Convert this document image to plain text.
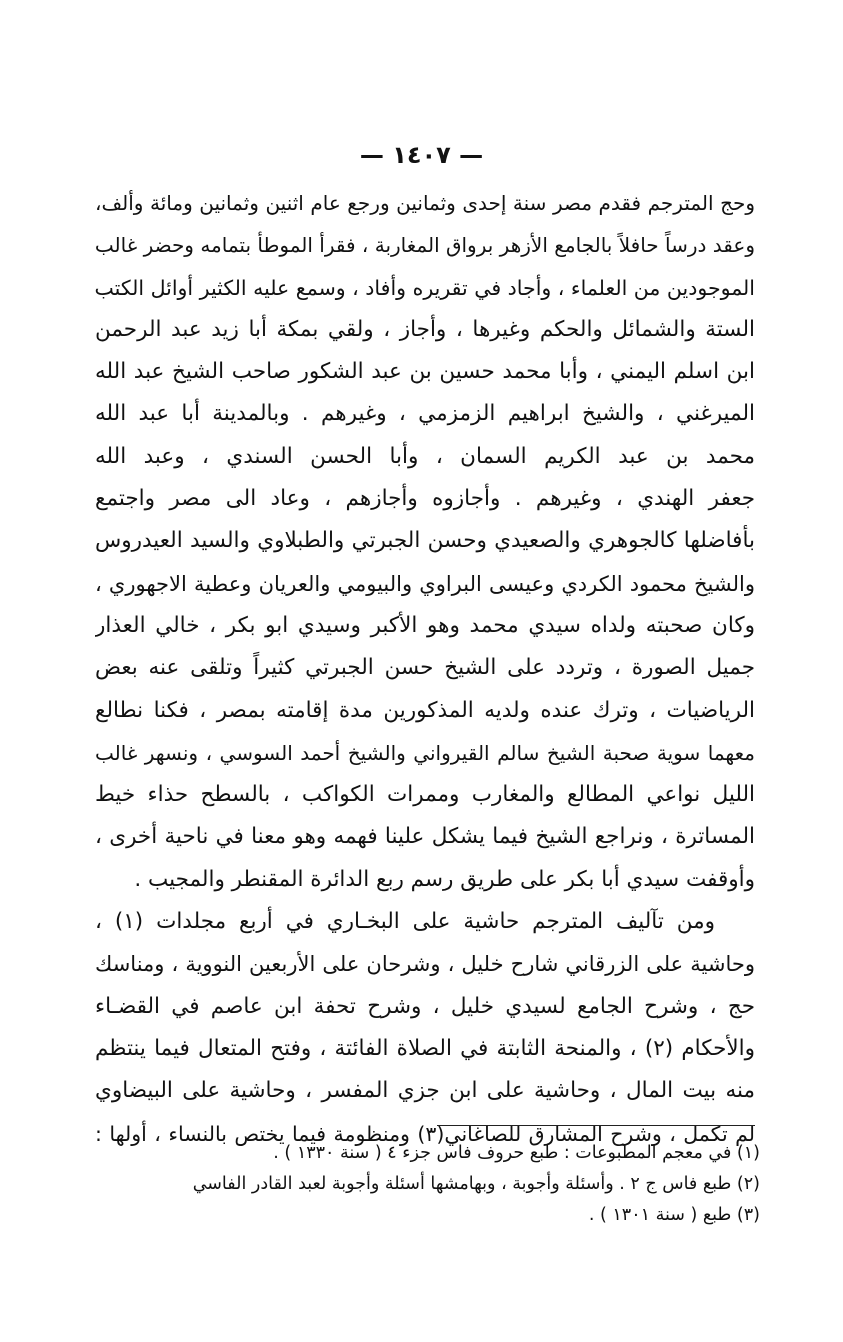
— ١٤٠٧ —
وحج المترجم فقدم مصر سنة إحدى وثمانين ورجع عام اثنين وثمانين ومائة وألف،
وعقد درساً حافلاً بالجامع الأزهر برواق المغاربة ، فقرأ الموطأ بتمامه وحضر غالب
الموجودين من العلماء ، وأجاد في تقريره وأفاد ، وسمع عليه الكثير أوائل الكتب
الستة والشمائل والحكم وغيرها ، وأجاز ، ولقي بمكة أبا زيد عبد الرحمن
ابن اسلم اليمني ، وأبا محمد حسين بن عبد الشكور صاحب الشيخ عبد الله
الميرغني ، والشيخ ابراهيم الزمزمي ، وغيرهم . وبالمدينة أبا عبد الله
محمد بن عبد الكريم السمان ، وأبا الحسن السندي ، وعبد الله
جعفر الهندي ، وغيرهم . وأجازوه وأجازهم ، وعاد الى مصر واجتمع
بأفاضلها كالجوهري والصعيدي وحسن الجبرتي والطبلاوي والسيد العيدروس
والشيخ محمود الكردي وعيسى البراوي والبيومي والعريان وعطية الاجهوري ،
وكان صحبته ولداه سيدي محمد وهو الأكبر وسيدي ابو بكر ، خالي العذار
جميل الصورة ، وتردد على الشيخ حسن الجبرتي كثيراً وتلقى عنه بعض
الرياضيات ، وترك عنده ولديه المذكورين مدة إقامته بمصر ، فكنا نطالع
معهما سوية صحبة الشيخ سالم القيرواني والشيخ أحمد السوسي ، ونسهر غالب
الليل نواعي المطالع والمغارب وممرات الكواكب ، بالسطح حذاء خيط
المساترة ، ونراجع الشيخ فيما يشكل علينا فهمه وهو معنا في ناحية أخرى ،
وأوقفت سيدي أبا بكر على طريق رسم ربع الدائرة المقنطر والمجيب .
ومن تآليف المترجم حاشية على البخـاري في أربع مجلدات (١) ،
وحاشية على الزرقاني شارح خليل ، وشرحان على الأربعين النووية ، ومناسك
حج ، وشرح الجامع لسيدي خليل ، وشرح تحفة ابن عاصم في القضـاء
والأحكام (٢) ، والمنحة الثابتة في الصلاة الفائتة ، وفتح المتعال فيما ينتظم
منه بيت المال ، وحاشية على ابن جزي المفسر ، وحاشية على البيضاوي
لم تكمل ، وشرح المشارق للصاغاني(٣) ومنظومة فيما يختص بالنساء ، أولها :
(١) في معجم المطبوعات : طبع حروف فاس جزء ٤ ( سنة ١٣٣٠ ) .
(٢) طبع فاس ج ٢ . وأسئلة وأجوبة ، وبهامشها أسئلة وأجوبة لعبد القادر الفاسي
(٣) طبع ( سنة ١٣٠١ ) .
